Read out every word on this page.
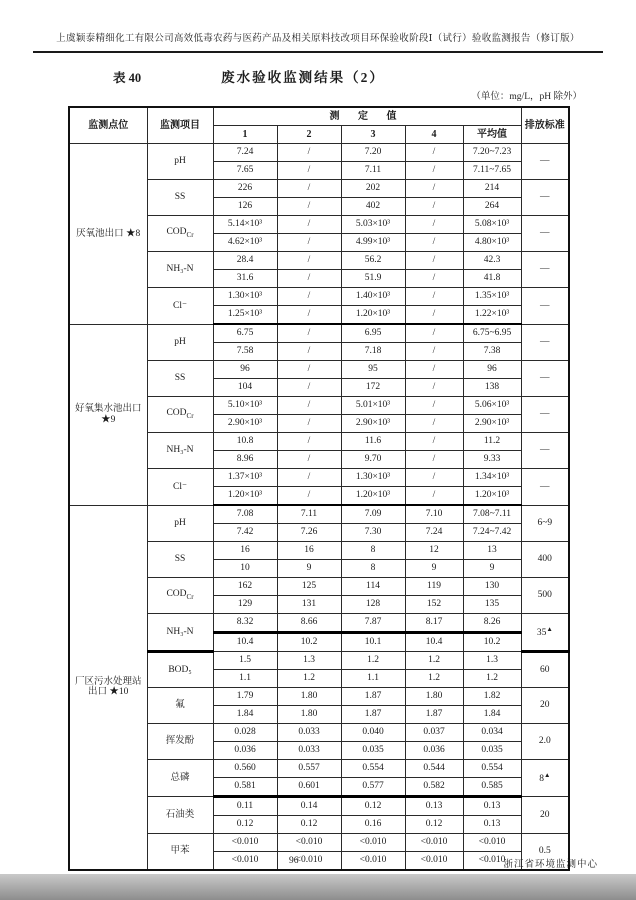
上虞颖泰精细化工有限公司高效低毒农药与医药产品及相关原料技改项目环保验收阶段Ⅰ（试行）验收监测报告（修订版）
表 40	废水验收监测结果（2）
（单位：mg/L，pH 除外）
监测点位	监测项目	测 定 值					排放标准
		1	2	3	4	平均值	
厌氧池出口 ★8	pH	7.24	/	7.20	/	7.20~7.23	—
		7.65	/	7.11	/	7.11~7.65	
	SS	226	/	202	/	214	—
		126	/	402	/	264	
	$COD_{Cr}$	5.14×10³	/	5.03×10³	/	5.08×10³	—
		4.62×10³	/	4.99×10³	/	4.80×10³	
	NH₃-N	28.4	/	56.2	/	42.3	—
		31.6	/	51.9	/	41.8	
	Cl⁻	1.30×10³	/	1.40×10³	/	1.35×10³	—
		1.25×10³	/	1.20×10³	/	1.22×10³	
好氧集水池出口 ★9	pH	6.75	/	6.95	/	6.75~6.95	—
		7.58	/	7.18	/	7.38	
	SS	96	/	95	/	96	—
		104	/	172	/	138	
	$COD_{Cr}$	5.10×10³	/	5.01×10³	/	5.06×10³	—
		2.90×10³	/	2.90×10³	/	2.90×10³	
	NH₃-N	10.8	/	11.6	/	11.2	—
		8.96	/	9.70	/	9.33	
	Cl⁻	1.37×10³	/	1.30×10³	/	1.34×10³	—
		1.20×10³	/	1.20×10³	/	1.20×10³	
厂区污水处理站出口 ★10	pH	7.08	7.11	7.09	7.10	7.08~7.11	6~9
		7.42	7.26	7.30	7.24	7.24~7.42	
	SS	16	16	8	12	13	400
		10	9	8	9	9	
	$COD_{Cr}$	162	125	114	119	130	500
		129	131	128	152	135	
	NH₃-N	8.32	8.66	7.87	8.17	8.26	35▲
		10.4	10.2	10.1	10.4	10.2	
	BOD₅	1.5	1.3	1.2	1.2	1.3	60
		1.1	1.2	1.1	1.2	1.2	
	氟	1.79	1.80	1.87	1.80	1.82	20
		1.84	1.80	1.87	1.87	1.84	
	挥发酚	0.028	0.033	0.040	0.037	0.034	2.0
		0.036	0.033	0.035	0.036	0.035	
	总磷	0.560	0.557	0.554	0.544	0.554	8▲
		0.581	0.601	0.577	0.582	0.585	
	石油类	0.11	0.14	0.12	0.13	0.13	20
		0.12	0.12	0.16	0.12	0.13	
	甲苯	<0.010	<0.010	<0.010	<0.010	<0.010	0.5
		<0.010	<0.010	<0.010	<0.010	<0.010	
96	浙江省环境监测中心
